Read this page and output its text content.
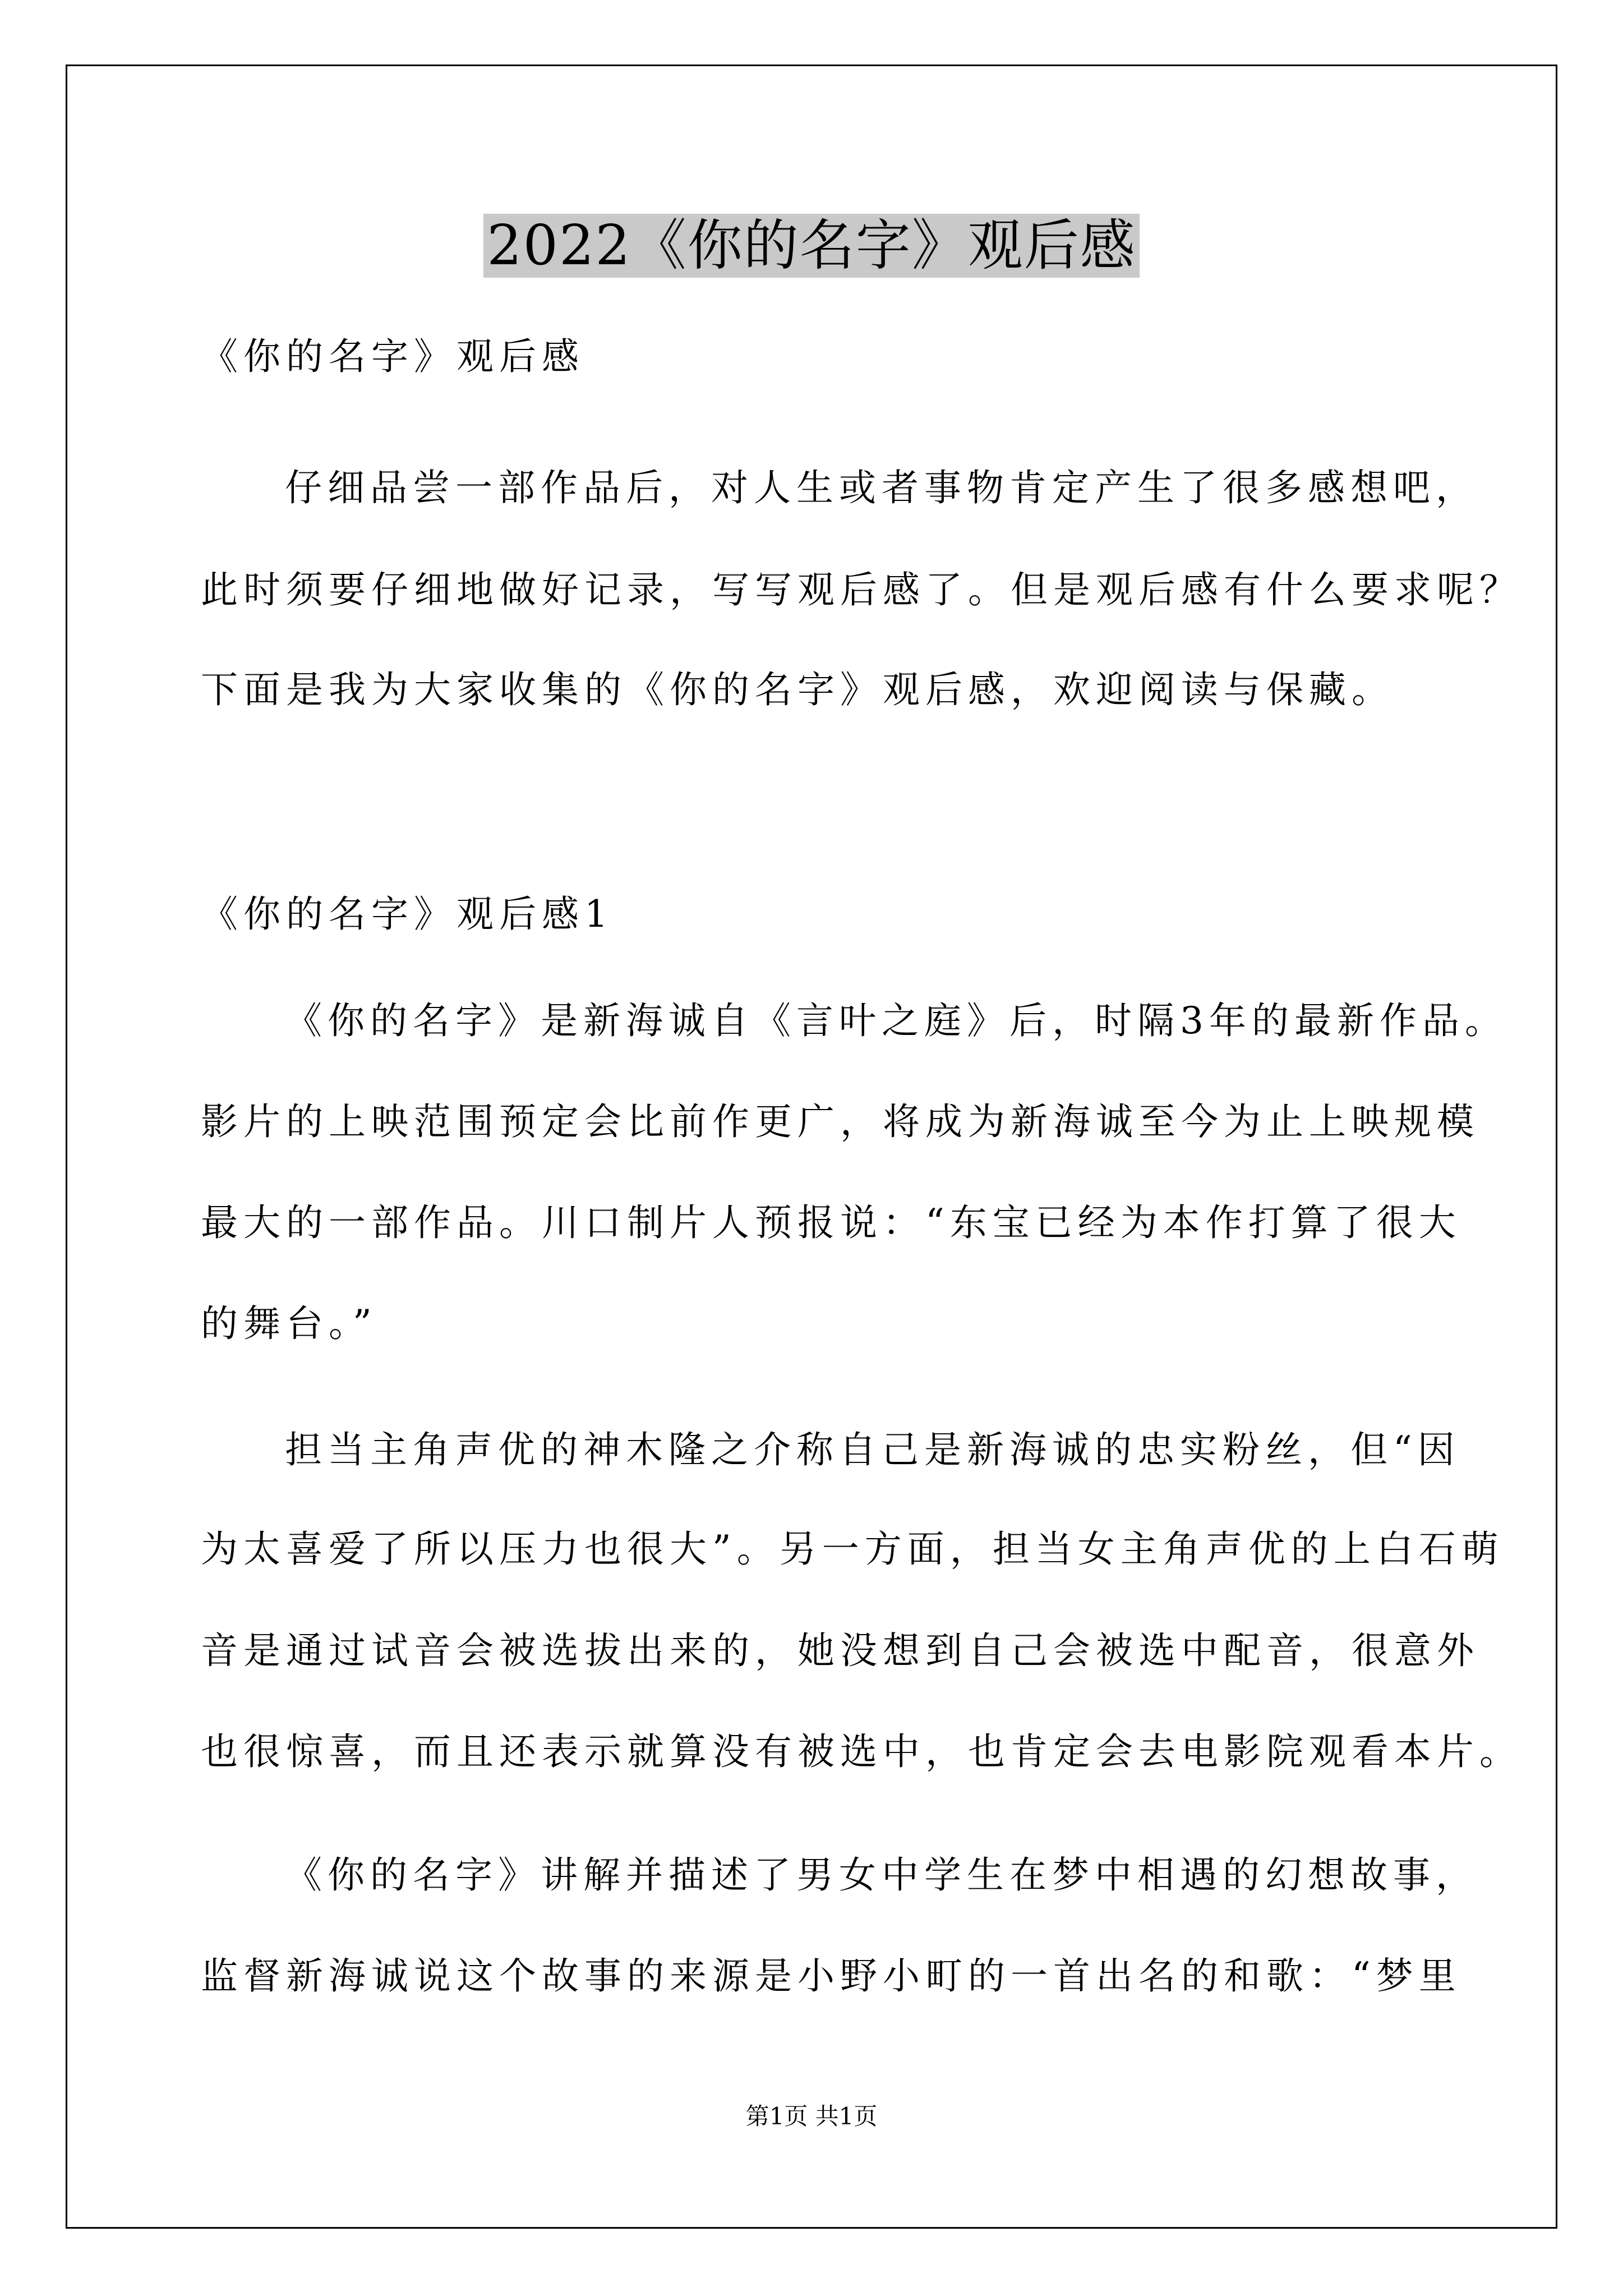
2022《你的名字》观后感
《你的名字》观后感
仔细品尝一部作品后，对人生或者事物肯定产生了很多感想吧，
此时须要仔细地做好记录，写写观后感了。但是观后感有什么要求呢？
下面是我为大家收集的《你的名字》观后感，欢迎阅读与保藏。
《你的名字》观后感1
《你的名字》是新海诚自《言叶之庭》后，时隔3年的最新作品。
影片的上映范围预定会比前作更广，将成为新海诚至今为止上映规模
最大的一部作品。川口制片人预报说：“东宝已经为本作打算了很大
的舞台。”
担当主角声优的神木隆之介称自己是新海诚的忠实粉丝，但“因
为太喜爱了所以压力也很大”。另一方面，担当女主角声优的上白石萌
音是通过试音会被选拔出来的，她没想到自己会被选中配音，很意外
也很惊喜，而且还表示就算没有被选中，也肯定会去电影院观看本片。
《你的名字》讲解并描述了男女中学生在梦中相遇的幻想故事，
监督新海诚说这个故事的来源是小野小町的一首出名的和歌：“梦里
第1页 共1页
